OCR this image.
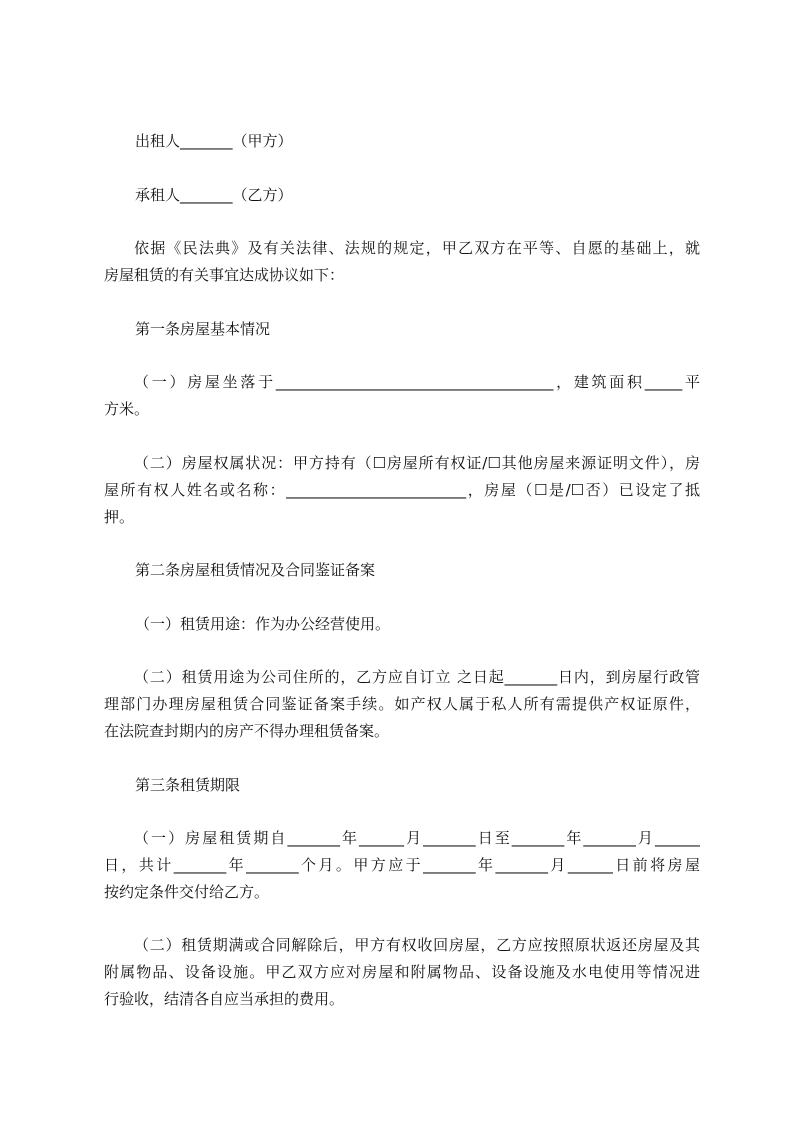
出租人_______（甲方）

承租人_______（乙方）

依据《民法典》及有关法律、法规的规定，甲乙双方在平等、自愿的基础上，就
房屋租赁的有关事宜达成协议如下：

第一条房屋基本情况

（一）房屋坐落于_____________________________________，建筑面积_____平
方米。

（二）房屋权属状况：甲方持有（☐房屋所有权证/☐其他房屋来源证明文件），房
屋所有权人姓名或名称：________________________，房屋（☐是/☐否）已设定了抵
押。

第二条房屋租赁情况及合同鉴证备案

（一）租赁用途：作为办公经营使用。

（二）租赁用途为公司住所的，乙方应自订立 之日起_______日内，到房屋行政管
理部门办理房屋租赁合同鉴证备案手续。如产权人属于私人所有需提供产权证原件，
在法院查封期内的房产不得办理租赁备案。

第三条租赁期限

（一）房屋租赁期自_______年______月_______日至_______年_______月______
日，共计_______年_______个月。甲方应于_______年_______月______日前将房屋
按约定条件交付给乙方。

（二）租赁期满或合同解除后，甲方有权收回房屋，乙方应按照原状返还房屋及其
附属物品、设备设施。甲乙双方应对房屋和附属物品、设备设施及水电使用等情况进
行验收，结清各自应当承担的费用。
